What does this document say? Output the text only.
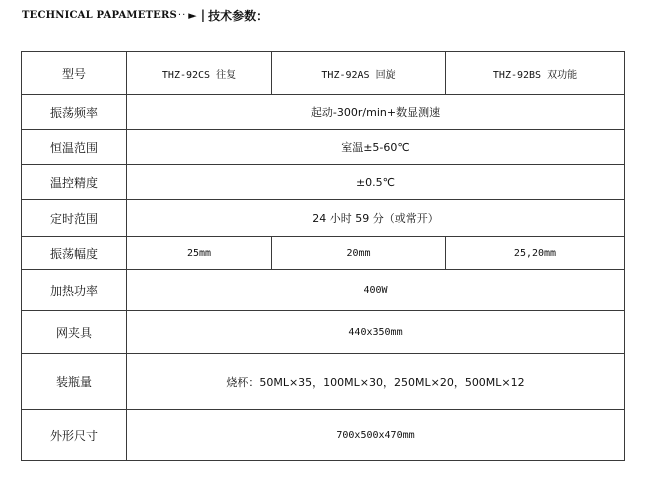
TECHNICAL PAPAMETERS ·· ► | 技术参数：
型号	THZ-92CS 往复	THZ-92AS 回旋	THZ-92BS 双功能
振荡频率	起动-300r/min+数显测速		
恒温范围	室温±5-60℃		
温控精度	±0.5℃		
定时范围	24 小时 59 分（或常开）		
振荡幅度	25mm	20mm	25,20mm
加热功率	400W		
网夹具	440x350mm		
装瓶量	烧杯：50ML×35，100ML×30，250ML×20，500ML×12		
外形尺寸	700x500x470mm		
